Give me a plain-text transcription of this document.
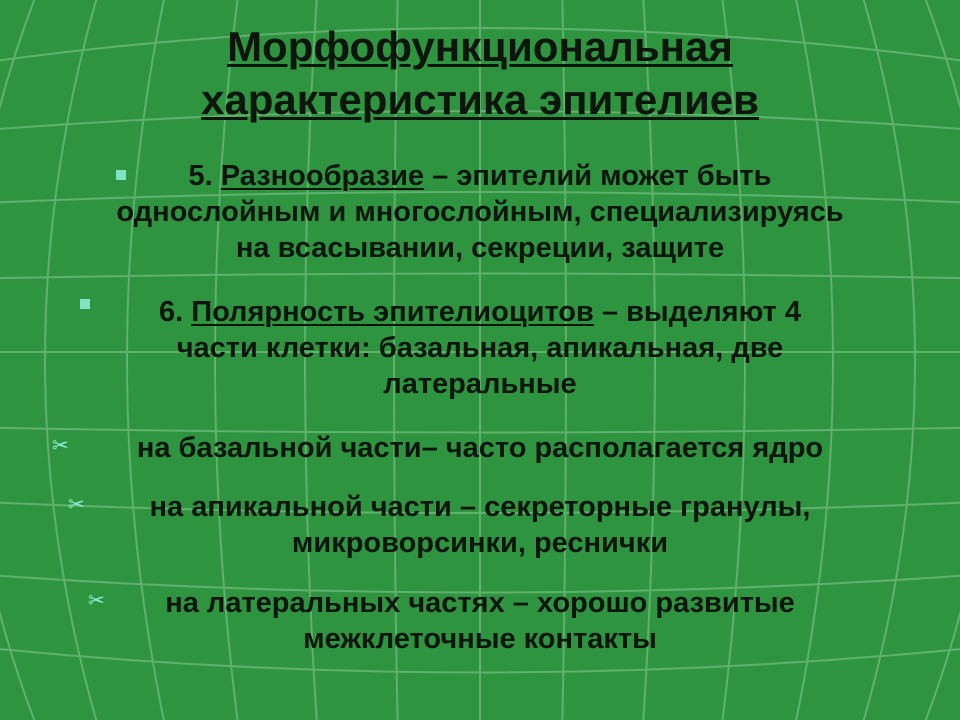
Морфофункциональная
характеристика эпителиев
5. Разнообразие – эпителий может быть
однослойным и многослойным, специализируясь
на всасывании, секреции, защите
6. Полярность эпителиоцитов – выделяют 4
части клетки: базальная, апикальная, две
латеральные
✂	на базальной части– часто располагается ядро
✂	на апикальной части – секреторные гранулы,
микроворсинки, реснички
✂	на латеральных частях – хорошо развитые
межклеточные контакты
